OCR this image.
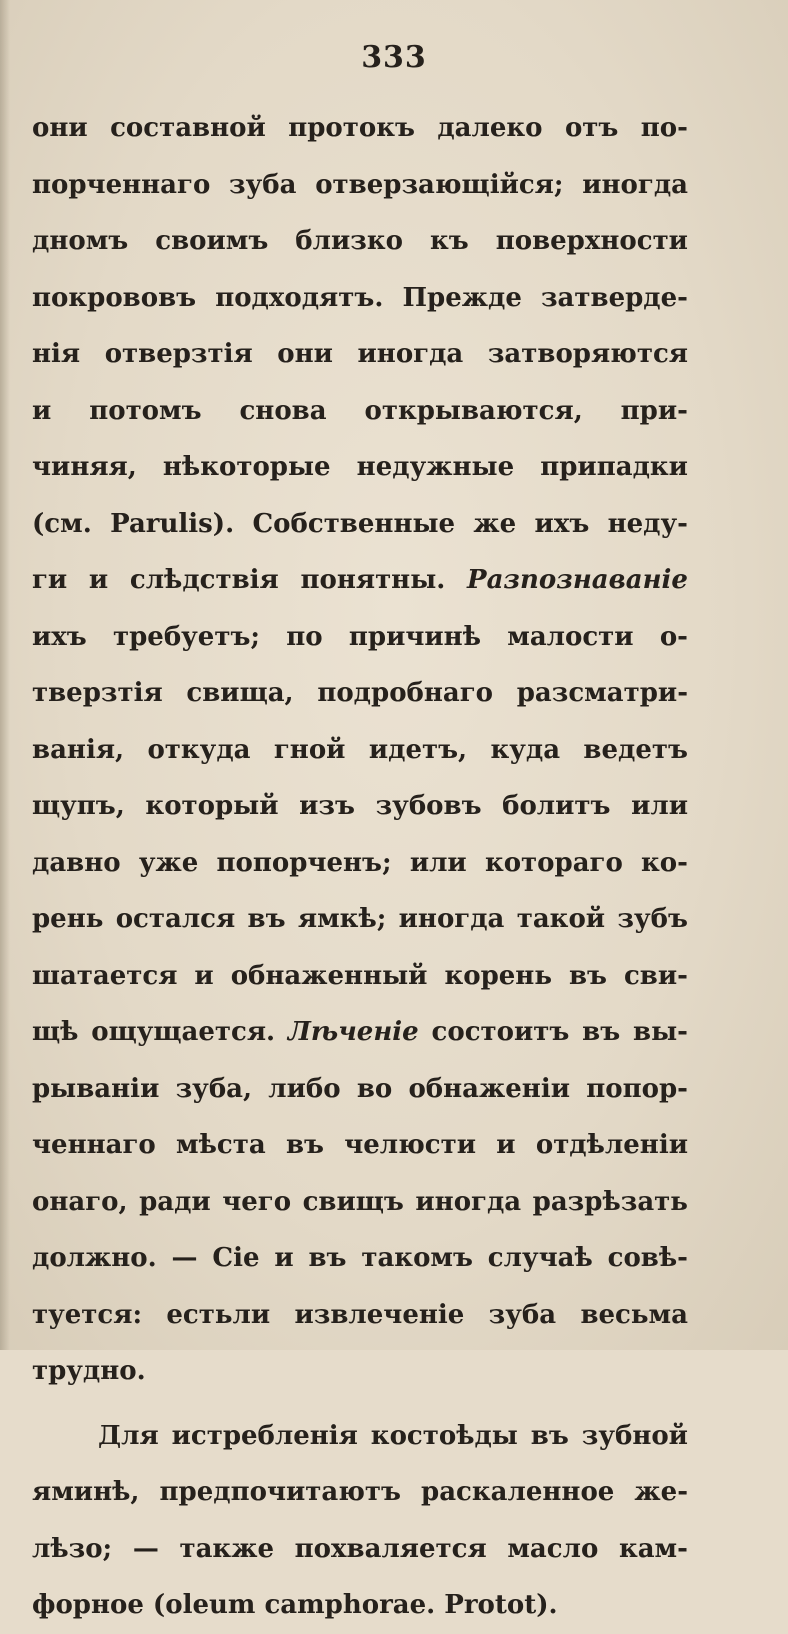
333
они составной протокъ далеко отъ по-
порченнаго зуба отверзающійся; иногда
дномъ своимъ близко къ поверхности
покрововъ подходятъ. Прежде затверде-
нія отверзтія они иногда затворяются
и потомъ снова открываются, при-
чиняя, нѣкоторые недужные припадки
(см. Parulis). Собственные же ихъ неду-
ги и слѣдствія понятны. Разпознаваніе
ихъ требуетъ; по причинѣ малости о-
тверзтія свища, подробнаго разсматри-
ванія, откуда гной идетъ, куда ведетъ
щупъ, который изъ зубовъ болитъ или
давно уже попорченъ; или котораго ко-
рень остался въ ямкѣ; иногда такой зубъ
шатается и обнаженный корень въ сви-
щѣ ощущается. Лѣченіе состоитъ въ вы-
рываніи зуба, либо во обнаженіи попор-
ченнаго мѣста въ челюсти и отдѣленіи
онаго, ради чего свищъ иногда разрѣзать
должно. — Сіе и въ такомъ случаѣ совѣ-
туется: естьли извлеченіе зуба весьма
трудно.
Для истребленія костоѣды въ зубной
яминѣ, предпочитаютъ раскаленное же-
лѣзо; — также похваляется масло кам-
форное (oleum camphorae. Protot).
